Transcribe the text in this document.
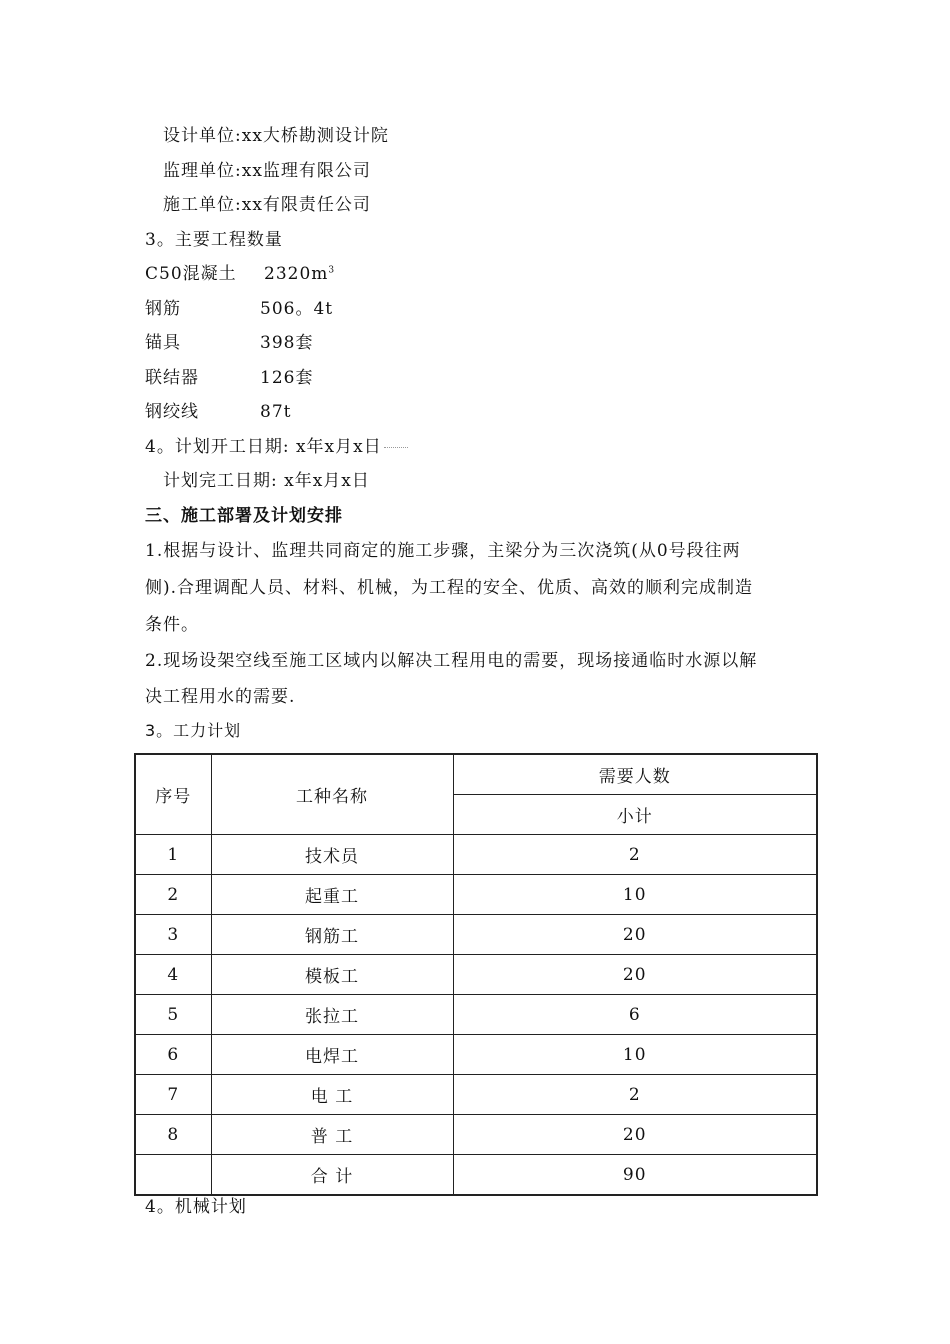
设计单位:xx大桥勘测设计院
监理单位:xx监理有限公司
施工单位:xx有限责任公司
3。主要工程数量
C50混凝土 $2320m^3$
钢筋	506。4t
锚具	398套
联结器	126套
钢绞线	87t
4。计划开工日期: x年x月x日
计划完工日期: x年x月x日
三、施工部署及计划安排
1.根据与设计、监理共同商定的施工步骤，主梁分为三次浇筑(从0号段往两
侧).合理调配人员、材料、机械，为工程的安全、优质、高效的顺利完成制造
条件。
2.现场设架空线至施工区域内以解决工程用电的需要，现场接通临时水源以解
决工程用水的需要.
3。工力计划
序号	工种名称	需要人数
		小计
1	技术员	2
2	起重工	10
3	钢筋工	20
4	模板工	20
5	张拉工	6
6	电焊工	10
7	电 工	2
8	普 工	20
	合 计	90
4。机械计划
